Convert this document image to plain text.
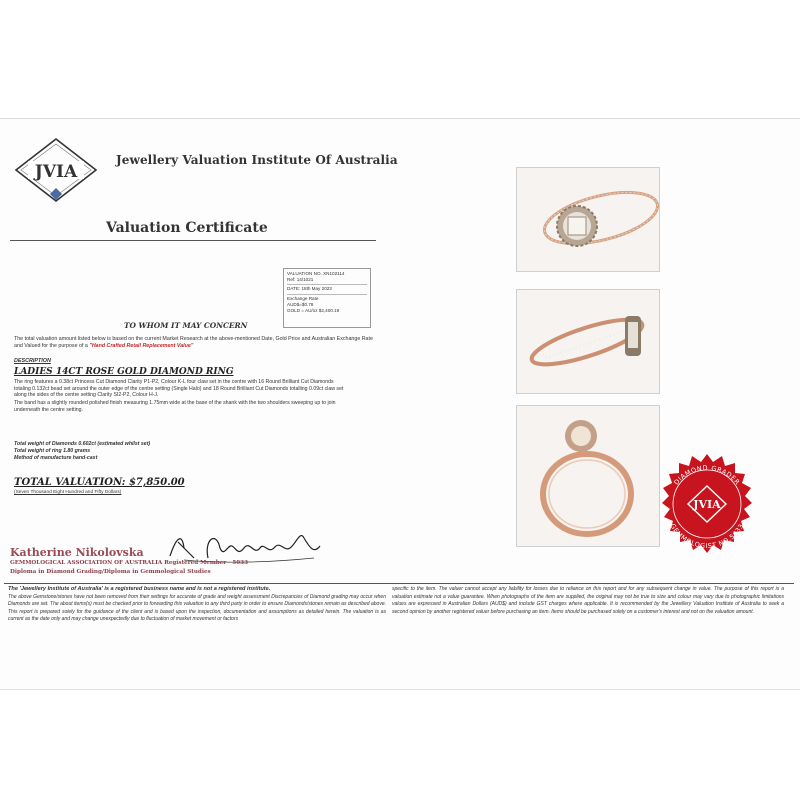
JVIA
Jewellery Valuation Institute Of Australia
Valuation Certificate
VALUATION NO. XN102114
Ref: 14/1021
DATE: 18th May 2023
Exchange Rate
AUD$=$0.78
GOLD = AU/oz $2,400.19
TO WHOM IT MAY CONCERN
The total valuation amount listed below is based on the current Market Research at the above-mentioned Date, Gold Price and Australian Exchange Rate and Valued for the purpose of a "Hand Crafted Retail Replacement Value"
DESCRIPTION
LADIES 14CT ROSE GOLD DIAMOND RING

The ring features a 0.38ct Princess Cut Diamond Clarity P1-P2, Colour K-L four claw set in the centre with 16 Round Brilliant Cut Diamonds totaling 0.132ct bead set around the outer edge of the centre setting (Single Halo) and 18 Round Brilliant Cut Diamonds totalling 0.09ct claw set along the sides of the centre setting Clarity SI2-P2, Colour H-J.

The band has a slightly rounded polished finish measuring 1.75mm wide at the base of the shank with the two shoulders sweeping up to join underneath the centre setting.

Total weight of Diamonds 0.602ct (estimated whilst set)
Total weight of ring 1.80 grams
Method of manufacture hand-cast
TOTAL VALUATION: $7,850.00
(Seven Thousand Eight Hundred and Fifty Dollars)
Katherine Nikolovska
GEMMOLOGICAL ASSOCIATION OF AUSTRALIA Registered Member - 5033
Diploma in Diamond Grading/Diploma in Gemmological Studies
The 'Jewellery Institute of Australia' is a registered business name and is not a registered institute.
The above Gemstone/stones have not been removed from their settings for accurate of grade and weight assessment Discrepancies of Diamond grading may occur when Diamonds are set. The about items(s) must be checked prior to forwarding this valuation to any third party in order to ensure Diamonds/stones remain as described above. This report is prepared solely for the guidance of the client and is based upon the inspection, documentation and assumptions as detailed herein. The valuation is as current as the date only and may change unexpectedly due to fluctuation of market movement or factors
specific to the item. The valuer cannot accept any liability for losses due to reliance on this report and for any subsequent change in value. The purpose of this report is a valuation estimate not a value guarantee. When photographs of the item are supplied, the original may not be true to size and colour may vary due to photographic limitations values are expressed in Australian Dollars (AUD$) and include GST charges where applicable. It is recommended by the Jewellery Valuation Institute of Australia to seek a second opinion by another registered valuer before purchasing an item. Items should be purchased solely on a customer's interest and not on the valuation amount.
DIAMOND GRADER
GEMMOLOGIST NO.5033
JVIA
